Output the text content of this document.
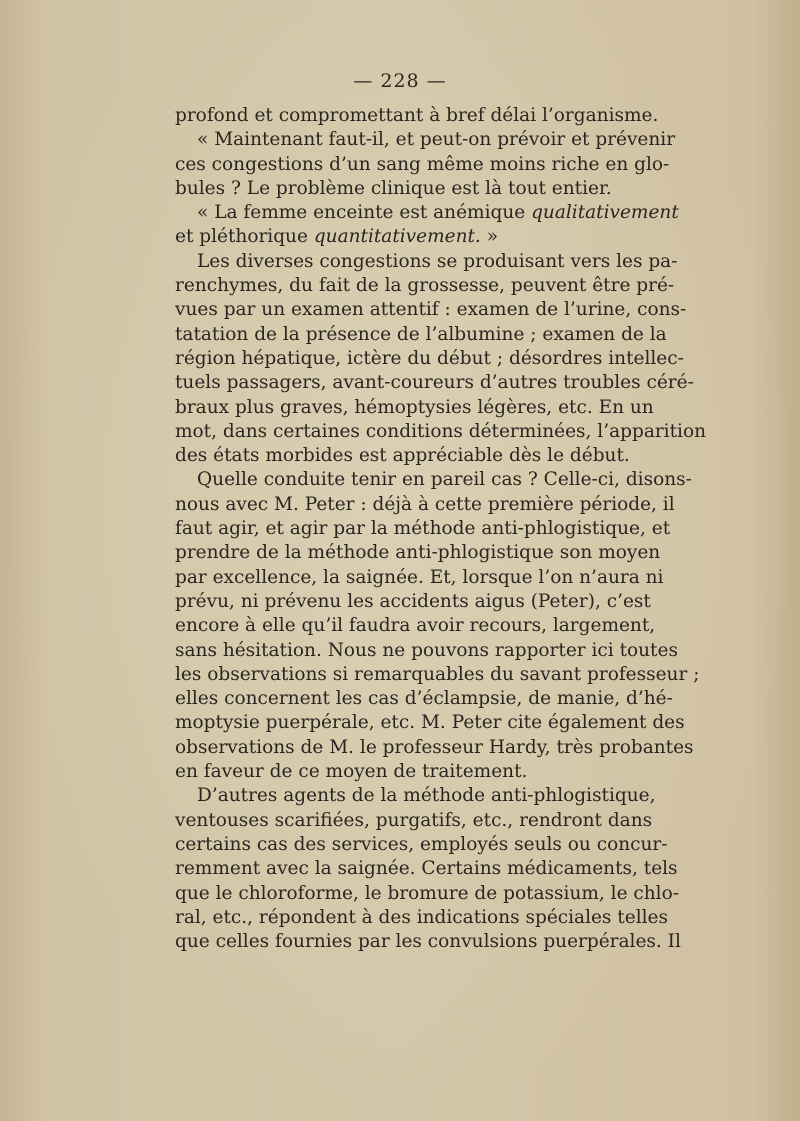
— 228 —
profond et compromettant à bref délai l’organisme.
« Maintenant faut-il, et peut-on prévoir et prévenir
ces congestions d’un sang même moins riche en glo-
bules ? Le problème clinique est là tout entier.
« La femme enceinte est anémique qualitativement
et pléthorique quantitativement. »
Les diverses congestions se produisant vers les pa-
renchymes, du fait de la grossesse, peuvent être pré-
vues par un examen attentif : examen de l’urine, cons-
tatation de la présence de l’albumine ; examen de la
région hépatique, ictère du début ; désordres intellec-
tuels passagers, avant-coureurs d’autres troubles céré-
braux plus graves, hémoptysies légères, etc. En un
mot, dans certaines conditions déterminées, l’apparition
des états morbides est appréciable dès le début.
Quelle conduite tenir en pareil cas ? Celle-ci, disons-
nous avec M. Peter : déjà à cette première période, il
faut agir, et agir par la méthode anti-phlogistique, et
prendre de la méthode anti-phlogistique son moyen
par excellence, la saignée. Et, lorsque l’on n’aura ni
prévu, ni prévenu les accidents aigus (Peter), c’est
encore à elle qu’il faudra avoir recours, largement,
sans hésitation. Nous ne pouvons rapporter ici toutes
les observations si remarquables du savant professeur ;
elles concernent les cas d’éclampsie, de manie, d’hé-
moptysie puerpérale, etc. M. Peter cite également des
observations de M. le professeur Hardy, très probantes
en faveur de ce moyen de traitement.
D’autres agents de la méthode anti-phlogistique,
ventouses scarifiées, purgatifs, etc., rendront dans
certains cas des services, employés seuls ou concur-
remment avec la saignée. Certains médicaments, tels
que le chloroforme, le bromure de potassium, le chlo-
ral, etc., répondent à des indications spéciales telles
que celles fournies par les convulsions puerpérales. Il
